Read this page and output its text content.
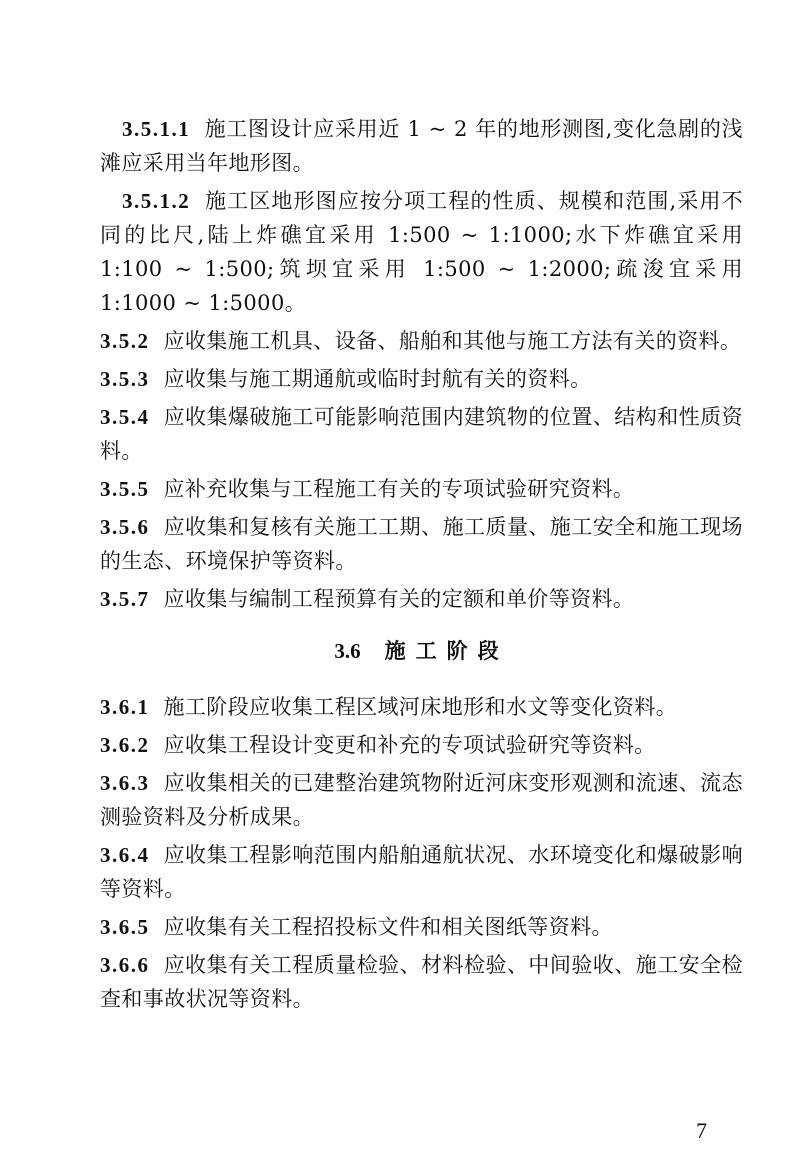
3.5.1.1 施工图设计应采用近 1 ~ 2 年的地形测图,变化急剧的浅滩应采用当年地形图。

3.5.1.2 施工区地形图应按分项工程的性质、规模和范围,采用不同的比尺,陆上炸礁宜采用 1:500 ~ 1:1000;水下炸礁宜采用 1:100 ~ 1:500;筑坝宜采用 1:500 ~ 1:2000;疏浚宜采用 1:1000 ~ 1:5000。

3.5.2 应收集施工机具、设备、船舶和其他与施工方法有关的资料。

3.5.3 应收集与施工期通航或临时封航有关的资料。

3.5.4 应收集爆破施工可能影响范围内建筑物的位置、结构和性质资料。

3.5.5 应补充收集与工程施工有关的专项试验研究资料。

3.5.6 应收集和复核有关施工工期、施工质量、施工安全和施工现场的生态、环境保护等资料。

3.5.7 应收集与编制工程预算有关的定额和单价等资料。

3.6 施工阶段

3.6.1 施工阶段应收集工程区域河床地形和水文等变化资料。

3.6.2 应收集工程设计变更和补充的专项试验研究等资料。

3.6.3 应收集相关的已建整治建筑物附近河床变形观测和流速、流态测验资料及分析成果。

3.6.4 应收集工程影响范围内船舶通航状况、水环境变化和爆破影响等资料。

3.6.5 应收集有关工程招投标文件和相关图纸等资料。

3.6.6 应收集有关工程质量检验、材料检验、中间验收、施工安全检查和事故状况等资料。

7
